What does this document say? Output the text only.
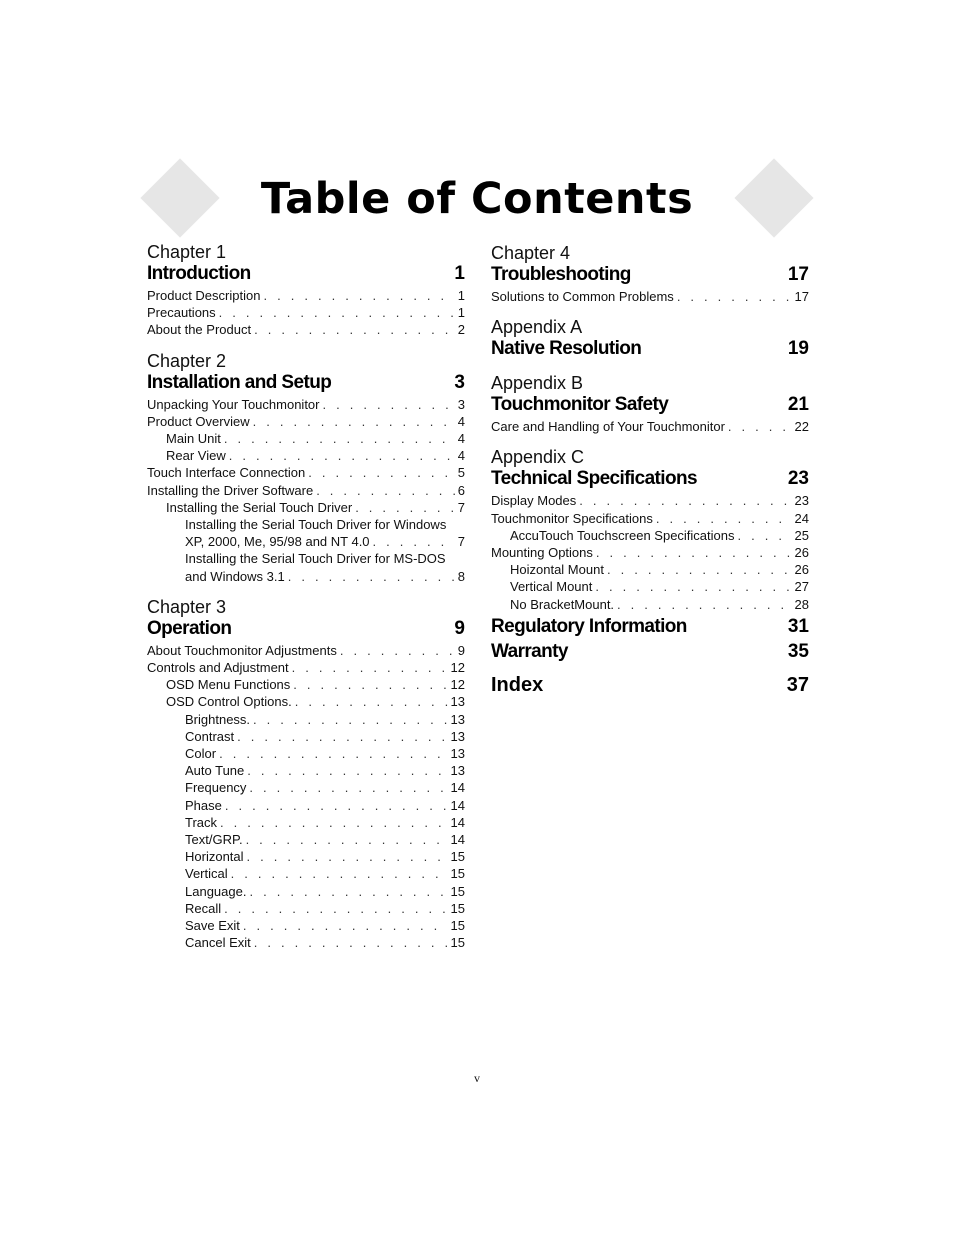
Table of Contents
Chapter 1
Introduction	1
Product Description . . .	1
Precautions . . .	1
About the Product . . .	2
Chapter 2
Installation and Setup	3
Unpacking Your Touchmonitor . . .	3
Product Overview . . .	4
Main Unit . . .	4
Rear View . . .	4
Touch Interface Connection . . .	5
Installing the Driver Software . . .	6
Installing the Serial Touch Driver . . .	7
Installing the Serial Touch Driver for Windows
XP, 2000, Me, 95/98 and NT 4.0 . . .	7
Installing the Serial Touch Driver for MS-DOS
and Windows 3.1 . . .	8
Chapter 3
Operation	9
About Touchmonitor Adjustments . . .	9
Controls and Adjustment . . .	12
OSD Menu Functions . . .	12
OSD Control Options. . . .	13
Brightness. . . .	13
Contrast . . .	13
Color . . .	13
Auto Tune . . .	13
Frequency . . .	14
Phase . . .	14
Track . . .	14
Text/GRP. . . .	14
Horizontal . . .	15
Vertical . . .	15
Language. . . .	15
Recall . . .	15
Save Exit . . .	15
Cancel Exit . . .	15
Chapter 4
Troubleshooting	17
Solutions to Common Problems . . .	17
Appendix A
Native Resolution	19
Appendix B
Touchmonitor Safety	21
Care and Handling of Your Touchmonitor . . .	22
Appendix C
Technical Specifications	23
Display Modes . . .	23
Touchmonitor Specifications . . .	24
AccuTouch Touchscreen Specifications . . .	25
Mounting Options . . .	26
Hoizontal Mount . . .	26
Vertical Mount . . .	27
No BracketMount. . . .	28
Regulatory Information	31
Warranty	35
Index	37
v
